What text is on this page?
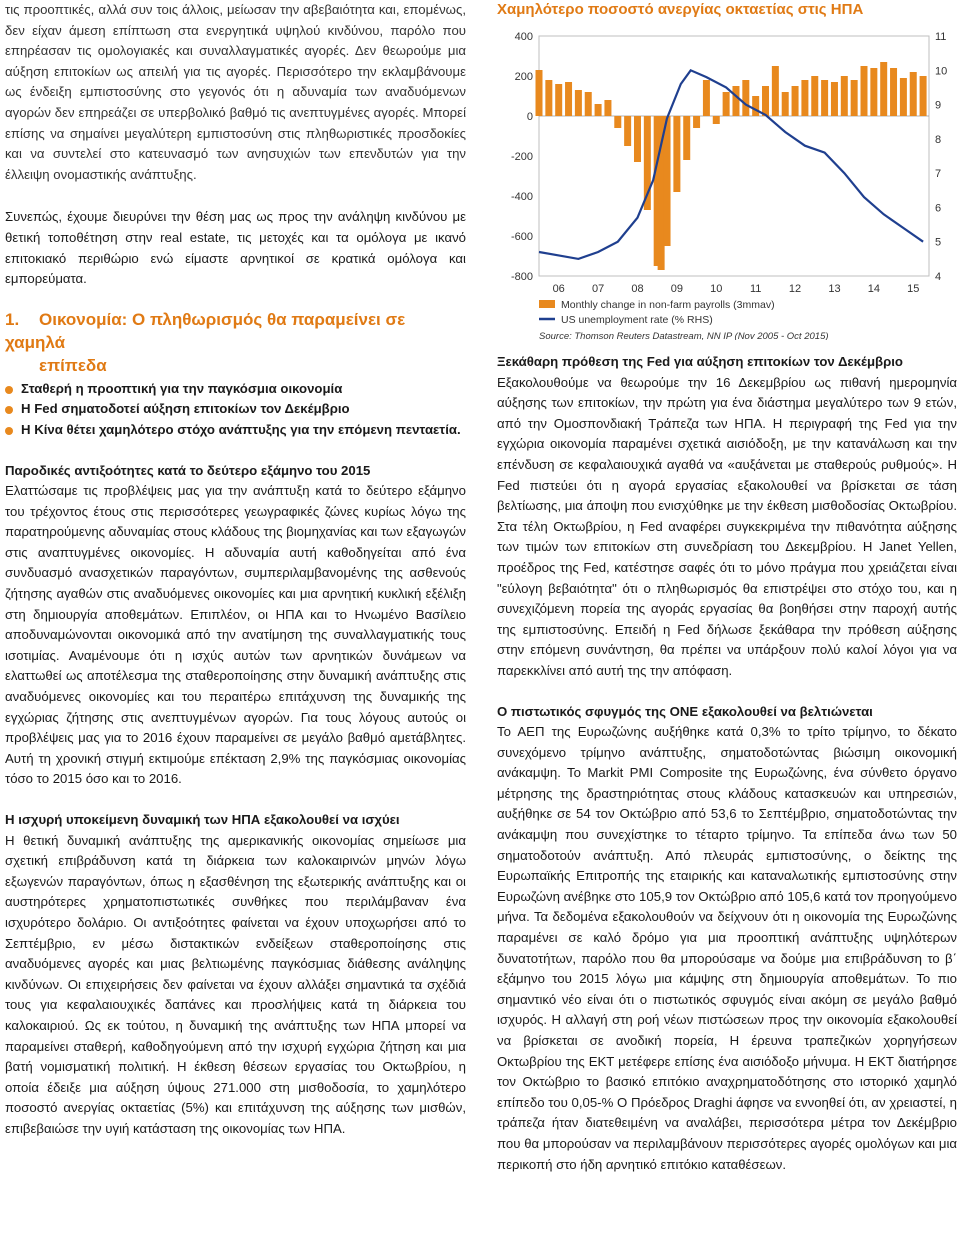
τις προοπτικές, αλλά συν τοις άλλοις, μείωσαν την αβεβαιότητα και, επομένως, δεν είχαν άμεση επίπτωση στα ενεργητικά υψηλού κινδύνου, παρόλο που επηρέασαν τις ομολογιακές και συναλλαγματικές αγορές. Δεν θεωρούμε μια αύξηση επιτοκίων ως απειλή για τις αγορές. Περισσότερο την εκλαμβάνουμε ως ένδειξη εμπιστοσύνης στο γεγονός ότι η αδυναμία των αναδυόμενων αγορών δεν επηρεάζει σε υπερβολικό βαθμό τις ανεπτυγμένες αγορές. Μπορεί επίσης να σημαίνει μεγαλύτερη εμπιστοσύνη στις πληθωριστικές προσδοκίες και να συντελεί στο κατευνασμό των ανησυχιών των επενδυτών για την έλλειψη ονομαστικής ανάπτυξης.

Συνεπώς, έχουμε διευρύνει την θέση μας ως προς την ανάληψη κινδύνου με θετική τοποθέτηση στην real estate, τις μετοχές και τα ομόλογα με ικανό επιτοκιακό περιθώριο ενώ είμαστε αρνητικοί σε κρατικά ομόλογα και εμπορεύματα.

1. Οικονομία: Ο πληθωρισμός θα παραμείνει σε χαμηλά
επίπεδα
Σταθερή η προοπτική για την παγκόσμια οικονομία
Η Fed σηματοδοτεί αύξηση επιτοκίων τον Δεκέμβριο
Η Κίνα θέτει χαμηλότερο στόχο ανάπτυξης για την επόμενη πενταετία.

Παροδικές αντιξοότητες κατά το δεύτερο εξάμηνο του 2015

Ελαττώσαμε τις προβλέψεις μας για την ανάπτυξη κατά το δεύτερο εξάμηνο του τρέχοντος έτους στις περισσότερες γεωγραφικές ζώνες κυρίως λόγω της παρατηρούμενης αδυναμίας στους κλάδους της βιομηχανίας και των εξαγωγών στις αναπτυγμένες οικονομίες. Η αδυναμία αυτή καθοδηγείται από ένα συνδυασμό ανασχετικών παραγόντων, συμπεριλαμβανομένης της ασθενούς ζήτησης αγαθών στις αναδυόμενες οικονομίες και μια αρνητική κυκλική εξέλιξη στη δημιουργία αποθεμάτων. Επιπλέον, οι ΗΠΑ και το Ηνωμένο Βασίλειο αποδυναμώνονται οικονομικά από την ανατίμηση της συναλλαγματικής τους ισοτιμίας. Αναμένουμε ότι η ισχύς αυτών των αρνητικών δυνάμεων να ελαττωθεί ως αποτέλεσμα της σταθεροποίησης στην δυναμική ανάπτυξης στις αναδυόμενες οικονομίες και του περαιτέρω επιτάχυνση της δυναμικής της εγχώριας ζήτησης στις ανεπτυγμένων αγορών. Για τους λόγους αυτούς οι προβλέψεις μας για το 2016 έχουν παραμείνει σε μεγάλο βαθμό αμετάβλητες. Αυτή τη χρονική στιγμή εκτιμούμε επέκταση 2,9% της παγκόσμιας οικονομίας τόσο το 2015 όσο και το 2016.

Η ισχυρή υποκείμενη δυναμική των ΗΠΑ εξακολουθεί να ισχύει

Η θετική δυναμική ανάπτυξης της αμερικανικής οικονομίας σημείωσε μια σχετική επιβράδυνση κατά τη διάρκεια των καλοκαιρινών μηνών λόγω εξωγενών παραγόντων, όπως η εξασθένηση της εξωτερικής ανάπτυξης και οι αυστηρότερες χρηματοπιστωτικές συνθήκες που περιλάμβαναν ένα ισχυρότερο δολάριο. Οι αντιξοότητες φαίνεται να έχουν υποχωρήσει από το Σεπτέμβριο, εν μέσω διστακτικών ενδείξεων σταθεροποίησης στις αναδυόμενες αγορές και μιας βελτιωμένης παγκόσμιας διάθεσης ανάληψης κινδύνων. Οι επιχειρήσεις δεν φαίνεται να έχουν αλλάξει σημαντικά τα σχέδιά τους για κεφαλαιουχικές δαπάνες και προσλήψεις κατά τη διάρκεια του καλοκαιριού. Ως εκ τούτου, η δυναμική της ανάπτυξης των ΗΠΑ μπορεί να παραμείνει σταθερή, καθοδηγούμενη από την ισχυρή εγχώρια ζήτηση και μια βατή νομισματική πολιτική. Η έκθεση θέσεων εργασίας του Οκτωβρίου, η οποία έδειξε μια αύξηση ύψους 271.000 στη μισθοδοσία, το χαμηλότερο ποσοστό ανεργίας οκταετίας (5%) και επιτάχυνση της αύξησης των μισθών, επιβεβαιώσε την υγιή κατάσταση της οικονομίας των ΗΠΑ.

Χαμηλότερο ποσοστό ανεργίας οκταετίας στις ΗΠΑ
400
200
0
-200
-400
-600
-800
11
10
9
8
7
6
5
4
06 07 08 09 10	11	12 13 14 15
Monthly change in non-farm payrolls (3mmav)
US unemployment rate (% RHS)
Source: Thomson Reuters Datastream, NN IP (Nov 2005 - Oct 2015)

Ξεκάθαρη πρόθεση της Fed για αύξηση επιτοκίων τον Δεκέμβριο

Εξακολουθούμε να θεωρούμε την 16 Δεκεμβρίου ως πιθανή ημερομηνία αύξησης των επιτοκίων, την πρώτη για ένα διάστημα μεγαλύτερο των 9 ετών, από την Ομοσπονδιακή Τράπεζα των ΗΠΑ. Η περιγραφή της Fed για την εγχώρια οικονομία παραμένει σχετικά αισιόδοξη, με την κατανάλωση και την επένδυση σε κεφαλαιουχικά αγαθά να «αυξάνεται με σταθερούς ρυθμούς». Η Fed πιστεύει ότι η αγορά εργασίας εξακολουθεί να βρίσκεται σε τάση βελτίωσης, μια άποψη που ενισχύθηκε με την έκθεση μισθοδοσίας Οκτωβρίου. Στα τέλη Οκτωβρίου, η Fed αναφέρει συγκεκριμένα την πιθανότητα αύξησης των τιμών των επιτοκίων στη συνεδρίαση του Δεκεμβρίου. Η Janet Yellen, προέδρος της Fed, κατέστησε σαφές ότι το μόνο πράγμα που χρειάζεται είναι "εύλογη βεβαιότητα" ότι ο πληθωρισμός θα επιστρέψει στο στόχο του, και η συνεχιζόμενη πορεία της αγοράς εργασίας θα βοηθήσει στην παροχή αυτής της εμπιστοσύνης. Επειδή η Fed δήλωσε ξεκάθαρα την πρόθεση αύξησης στην επόμενη συνάντηση, θα πρέπει να υπάρξουν πολύ καλοί λόγοι για να παρεκκλίνει από αυτή της την απόφαση.

Ο πιστωτικός σφυγμός της ΟΝΕ εξακολουθεί να βελτιώνεται

Το ΑΕΠ της Ευρωζώνης αυξήθηκε κατά 0,3% το τρίτο τρίμηνο, το δέκατο συνεχόμενο τρίμηνο ανάπτυξης, σηματοδοτώντας βιώσιμη οικονομική ανάκαμψη. Το Markit PMI Composite της Ευρωζώνης, ένα σύνθετο όργανο μέτρησης της δραστηριότητας στους κλάδους κατασκευών και υπηρεσιών, αυξήθηκε σε 54 τον Οκτώβριο από 53,6 το Σεπτέμβριο, σηματοδοτώντας την ανάκαμψη που συνεχίστηκε το τέταρτο τρίμηνο. Τα επίπεδα άνω των 50 σηματοδοτούν ανάπτυξη. Από πλευράς εμπιστοσύνης, ο δείκτης της Ευρωπαϊκής Επιτροπής της εταιρικής και καταναλωτικής εμπιστοσύνης στην Ευρωζώνη ανέβηκε στο 105,9 τον Οκτώβριο από 105,6 κατά τον προηγούμενο μήνα. Τα δεδομένα εξακολουθούν να δείχνουν ότι η οικονομία της Ευρωζώνης παραμένει σε καλό δρόμο για μια προοπτική ανάπτυξης υψηλότερων δυνατοτήτων, παρόλο που θα μπορούσαμε να δούμε μια επιβράδυνση το β΄ εξάμηνο του 2015 λόγω μια κάμψης στη δημιουργία αποθεμάτων. Το πιο σημαντικό νέο είναι ότι ο πιστωτικός σφυγμός είναι ακόμη σε μεγάλο βαθμό ισχυρός. Η αλλαγή στη ροή νέων πιστώσεων προς την οικονομία εξακολουθεί να βρίσκεται σε ανοδική πορεία, Η έρευνα τραπεζικών χορηγήσεων Οκτωβρίου της ΕΚΤ μετέφερε επίσης ένα αισιόδοξο μήνυμα. Η ΕΚΤ διατήρησε τον Οκτώβριο το βασικό επιτόκιο αναχρηματοδότησης στο ιστορικό χαμηλό επίπεδο του 0,05-% Ο Πρόεδρος Draghi άφησε να εννοηθεί ότι, αν χρειαστεί, η τράπεζα ήταν διατεθειμένη να αναλάβει, περισσότερα μέτρα τον Δεκέμβριο που θα μπορούσαν να περιλαμβάνουν περισσότερες αγορές ομολόγων και μια περικοπή στο ήδη αρνητικό επιτόκιο καταθέσεων.
